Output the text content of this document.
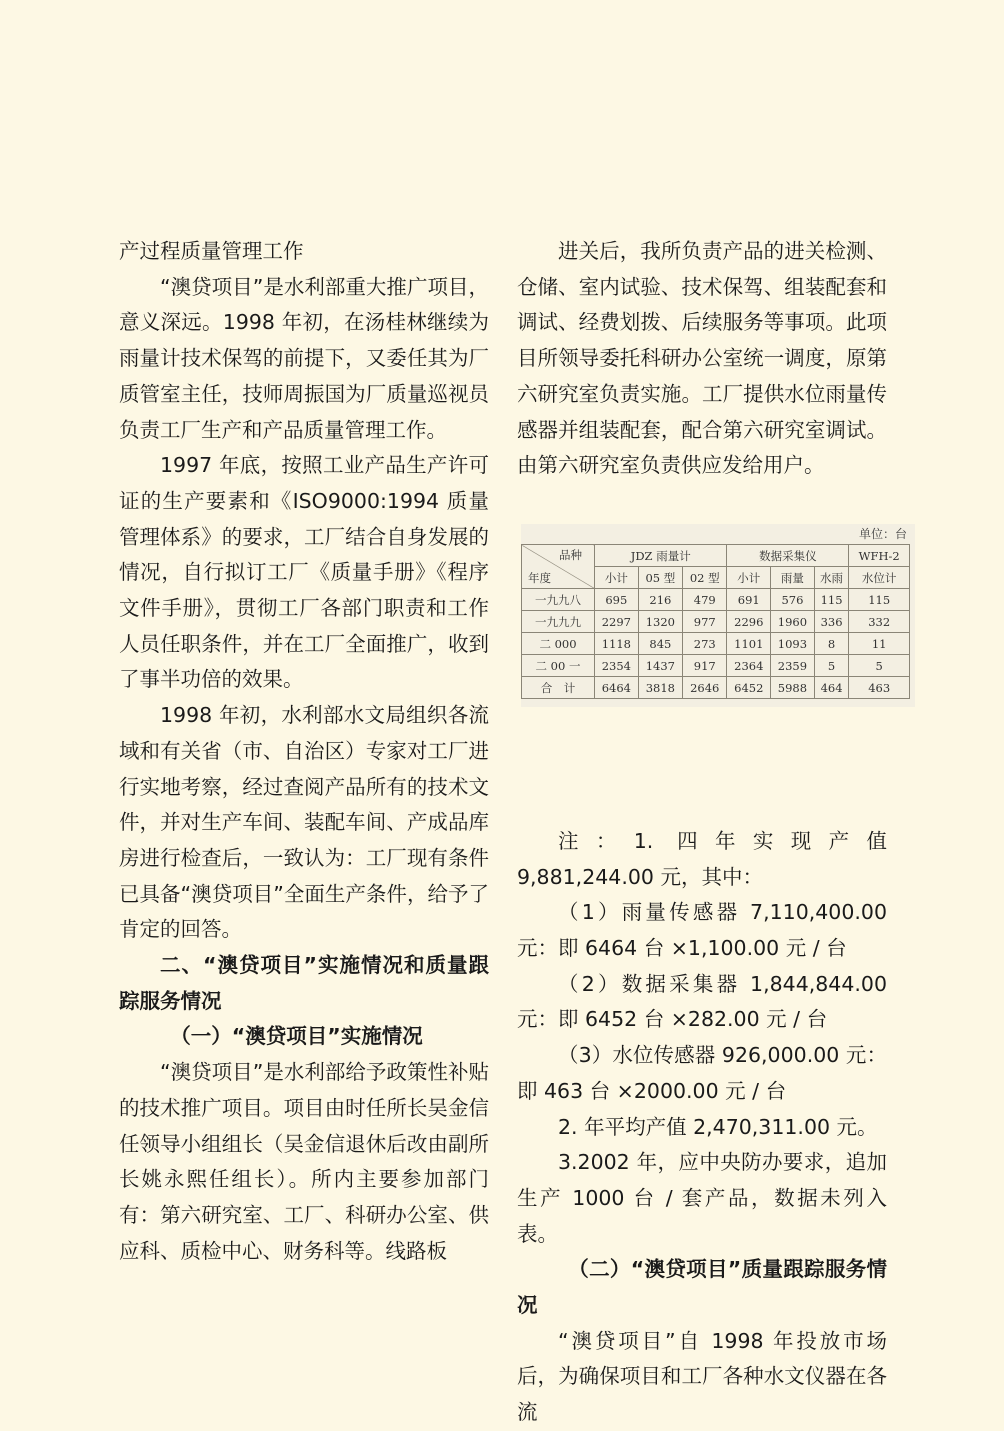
产过程质量管理工作

“澳贷项目”是水利部重大推广项目，意义深远。1998 年初，在汤桂林继续为雨量计技术保驾的前提下，又委任其为厂质管室主任，技师周振国为厂质量巡视员负责工厂生产和产品质量管理工作。

1997 年底，按照工业产品生产许可证的生产要素和《ISO9000:1994 质量管理体系》的要求，工厂结合自身发展的情况，自行拟订工厂《质量手册》《程序文件手册》，贯彻工厂各部门职责和工作人员任职条件，并在工厂全面推广，收到了事半功倍的效果。

1998 年初，水利部水文局组织各流域和有关省（市、自治区）专家对工厂进行实地考察，经过查阅产品所有的技术文件，并对生产车间、装配车间、产成品库房进行检查后，一致认为：工厂现有条件已具备“澳贷项目”全面生产条件，给予了肯定的回答。

二、“澳贷项目”实施情况和质量跟踪服务情况

（一）“澳贷项目”实施情况

“澳贷项目”是水利部给予政策性补贴的技术推广项目。项目由时任所长吴金信任领导小组组长（吴金信退休后改由副所长姚永熙任组长）。所内主要参加部门有：第六研究室、工厂、科研办公室、供应科、质检中心、财务科等。线路板

进关后，我所负责产品的进关检测、仓储、室内试验、技术保驾、组装配套和调试、经费划拨、后续服务等事项。此项目所领导委托科研办公室统一调度，原第六研究室负责实施。工厂提供水位雨量传感器并组装配套，配合第六研究室调试。由第六研究室负责供应发给用户。

注：1. 四年实现产值 9,881,244.00 元，其中：

（1）雨量传感器 7,110,400.00 元：即 6464 台 ×1,100.00 元 / 台

（2）数据采集器 1,844,844.00 元：即 6452 台 ×282.00 元 / 台

（3）水位传感器 926,000.00 元：即 463 台 ×2000.00 元 / 台

2. 年平均产值 2,470,311.00 元。

3.2002 年，应中央防办要求，追加生产 1000 台 / 套产品，数据未列入表。

（二）“澳贷项目”质量跟踪服务情况

“澳贷项目”自 1998 年投放市场后，为确保项目和工厂各种水文仪器在各流

单位：台
品种
年度	JDZ 雨量计			数据采集仪			WFH-2
	小计	05 型	02 型	小计	雨量	水雨	水位计
一九九八	695	216	479	691	576	115	115
一九九九	2297	1320	977	2296	1960	336	332
二 000	1118	845	273	1101	1093	8	11
二 00 一	2354	1437	917	2364	2359	5	5
合　计	6464	3818	2646	6452	5988	464	463
